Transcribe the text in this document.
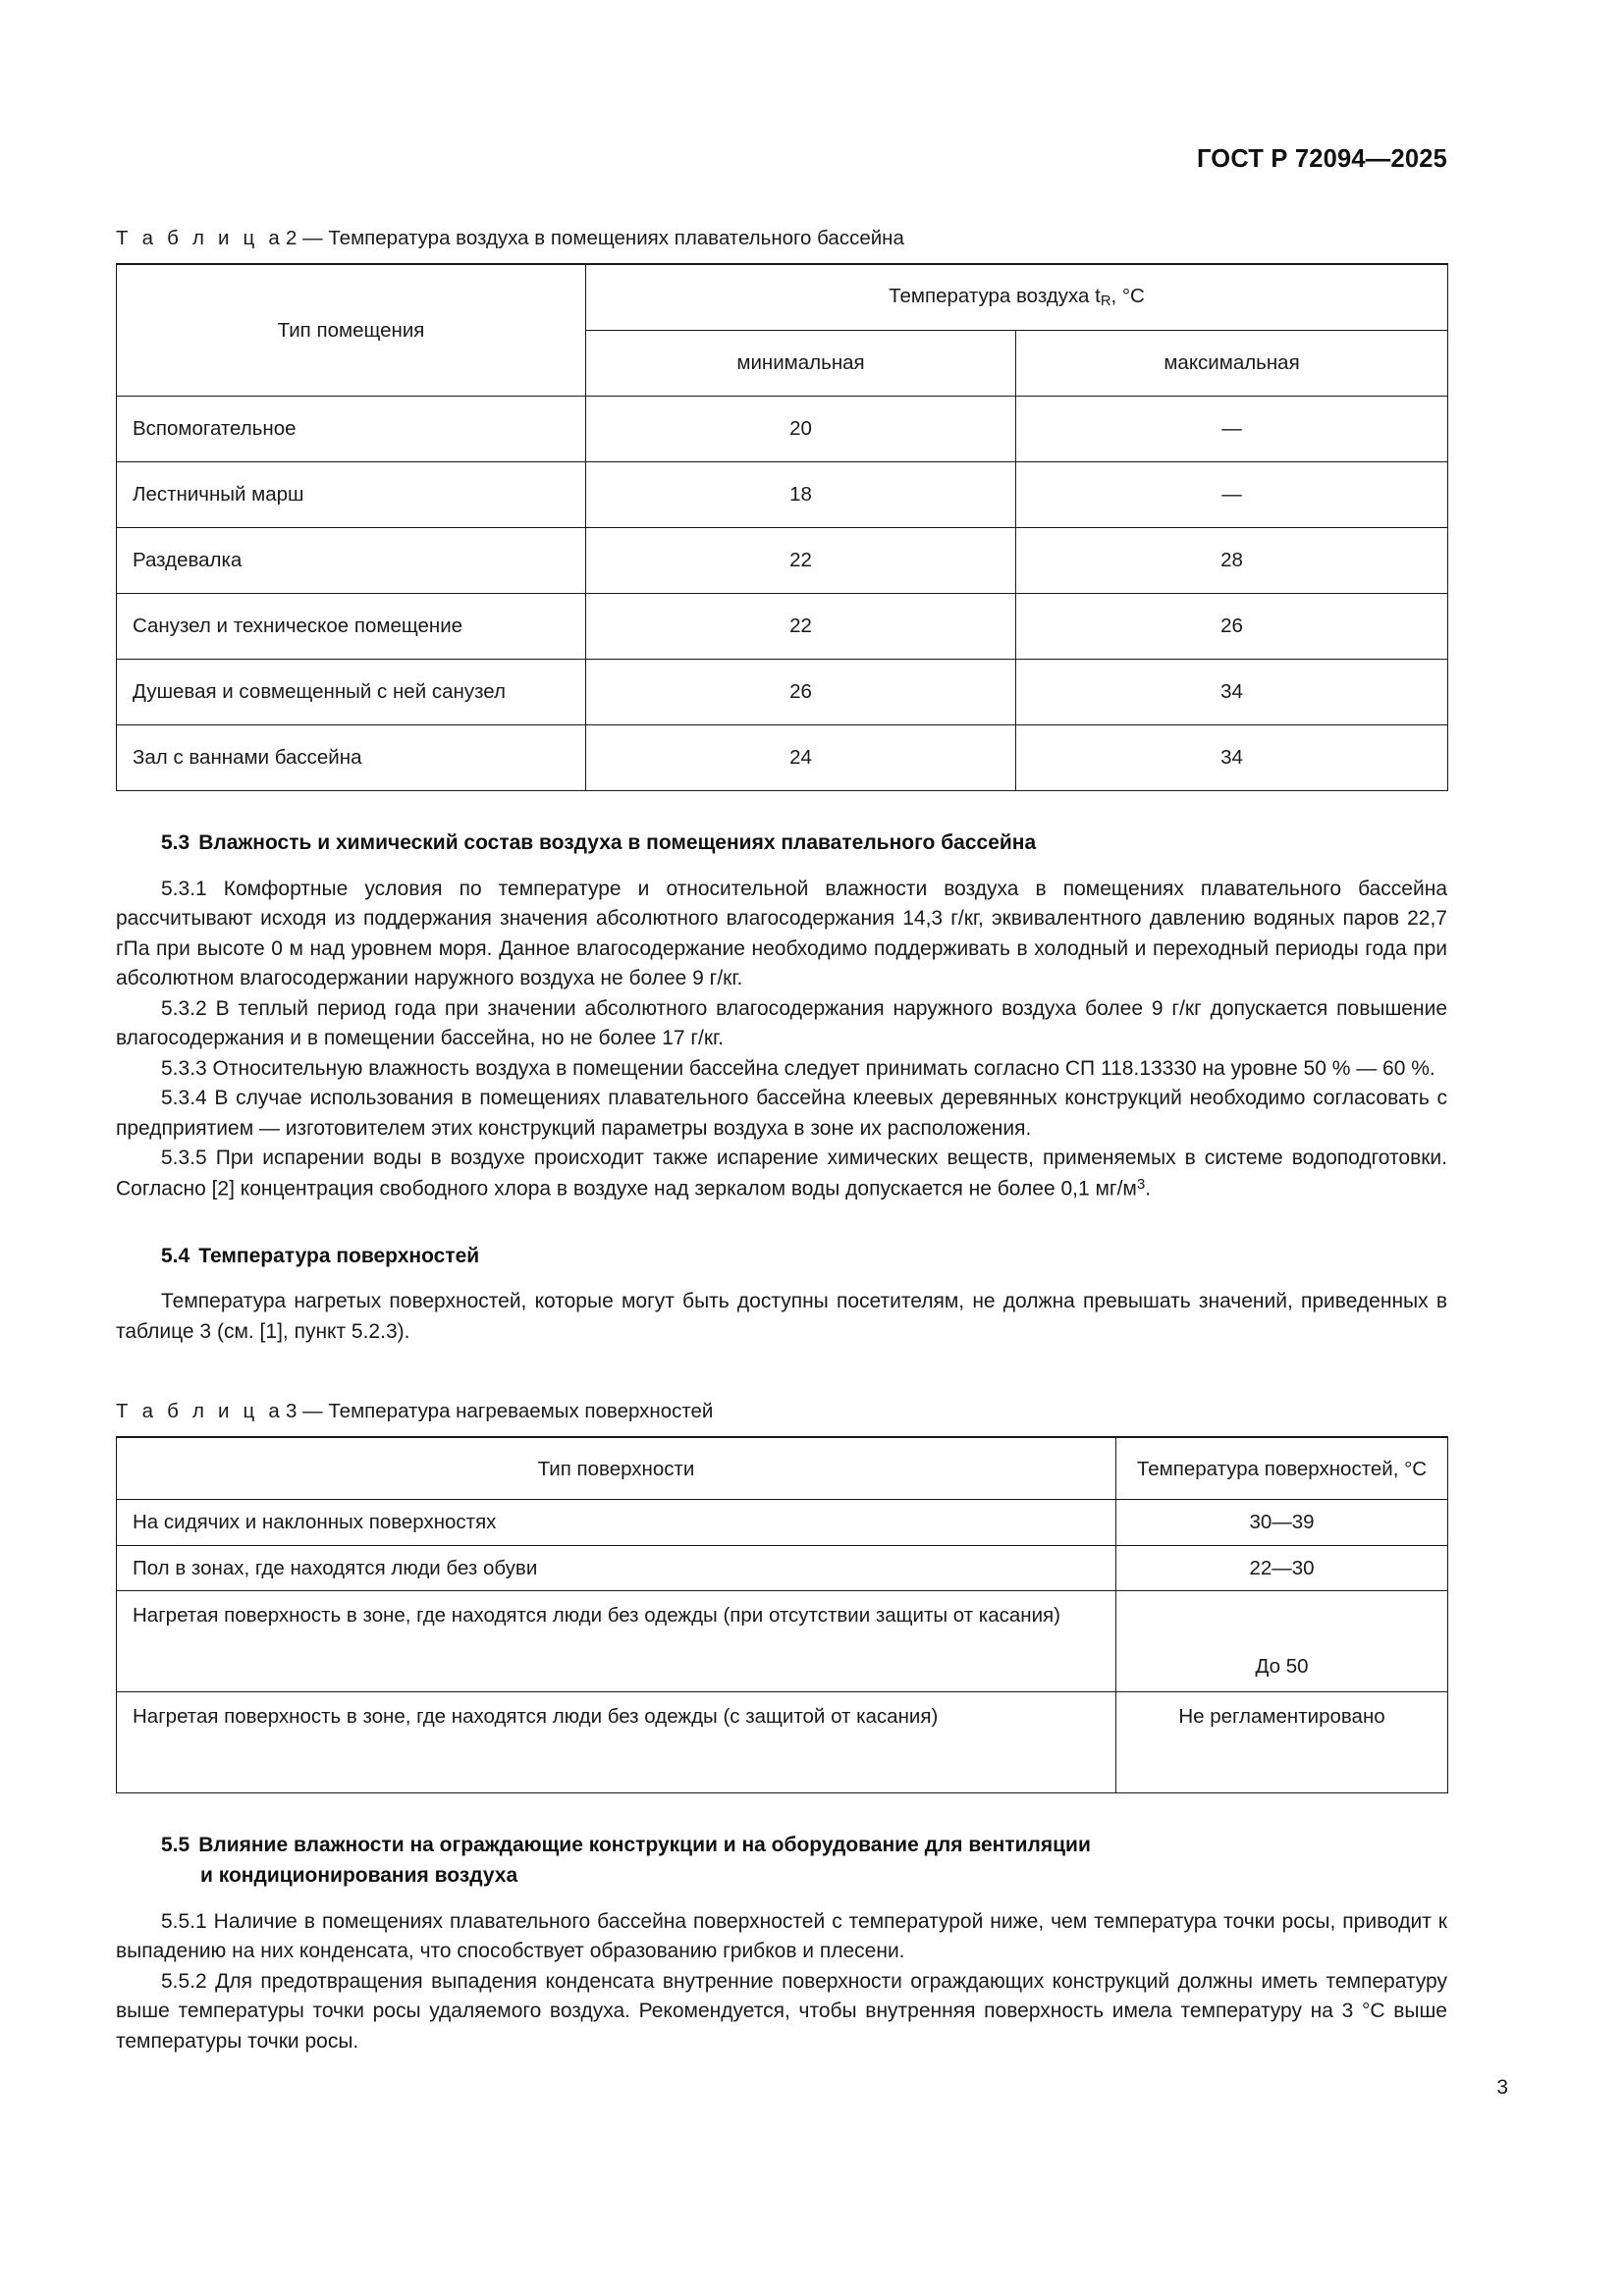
ГОСТ Р 72094—2025
Т а б л и ц а2 — Температура воздуха в помещениях плавательного бассейна
Тип помещения	Температура воздуха $t_R$, °С	
	минимальная	максимальная
Вспомогательное	20	—
Лестничный марш	18	—
Раздевалка	22	28
Санузел и техническое помещение	22	26
Душевая и совмещенный с ней санузел	26	34
Зал с ваннами бассейна	24	34
5.3 Влажность и химический состав воздуха в помещениях плавательного бассейна

5.3.1 Комфортные условия по температуре и относительной влажности воздуха в помещениях плавательного бассейна рассчитывают исходя из поддержания значения абсолютного влагосодержания 14,3 г/кг, эквивалентного давлению водяных паров 22,7 гПа при высоте 0 м над уровнем моря. Данное влагосодержание необходимо поддерживать в холодный и переходный периоды года при абсолютном влагосодержании наружного воздуха не более 9 г/кг.

5.3.2 В теплый период года при значении абсолютного влагосодержания наружного воздуха более 9 г/кг допускается повышение влагосодержания и в помещении бассейна, но не более 17 г/кг.

5.3.3 Относительную влажность воздуха в помещении бассейна следует принимать согласно СП 118.13330 на уровне 50 % — 60 %.

5.3.4 В случае использования в помещениях плавательного бассейна клеевых деревянных конструкций необходимо согласовать с предприятием — изготовителем этих конструкций параметры воздуха в зоне их расположения.

5.3.5 При испарении воды в воздухе происходит также испарение химических веществ, применяемых в системе водоподготовки. Согласно [2] концентрация свободного хлора в воздухе над зеркалом воды допускается не более 0,1 $мг/м^3$.

5.4 Температура поверхностей

Температура нагретых поверхностей, которые могут быть доступны посетителям, не должна превышать значений, приведенных в таблице 3 (см. [1], пункт 5.2.3).

Т а б л и ц а3 — Температура нагреваемых поверхностей
Тип поверхности	Температура поверхностей, °С
На сидячих и наклонных поверхностях	30—39
Пол в зонах, где находятся люди без обуви	22—30
Нагретая поверхность в зоне, где находятся люди без одежды (при отсутствии защиты от касания)	До 50
Нагретая поверхность в зоне, где находятся люди без одежды (с защитой от касания)	Не регламентировано
5.5 Влияние влажности на ограждающие конструкции и на оборудование для вентиляции
и кондиционирования воздуха

5.5.1 Наличие в помещениях плавательного бассейна поверхностей с температурой ниже, чем температура точки росы, приводит к выпадению на них конденсата, что способствует образованию грибков и плесени.

5.5.2 Для предотвращения выпадения конденсата внутренние поверхности ограждающих конструкций должны иметь температуру выше температуры точки росы удаляемого воздуха. Рекомендуется, чтобы внутренняя поверхность имела температуру на 3 °С выше температуры точки росы.

3
